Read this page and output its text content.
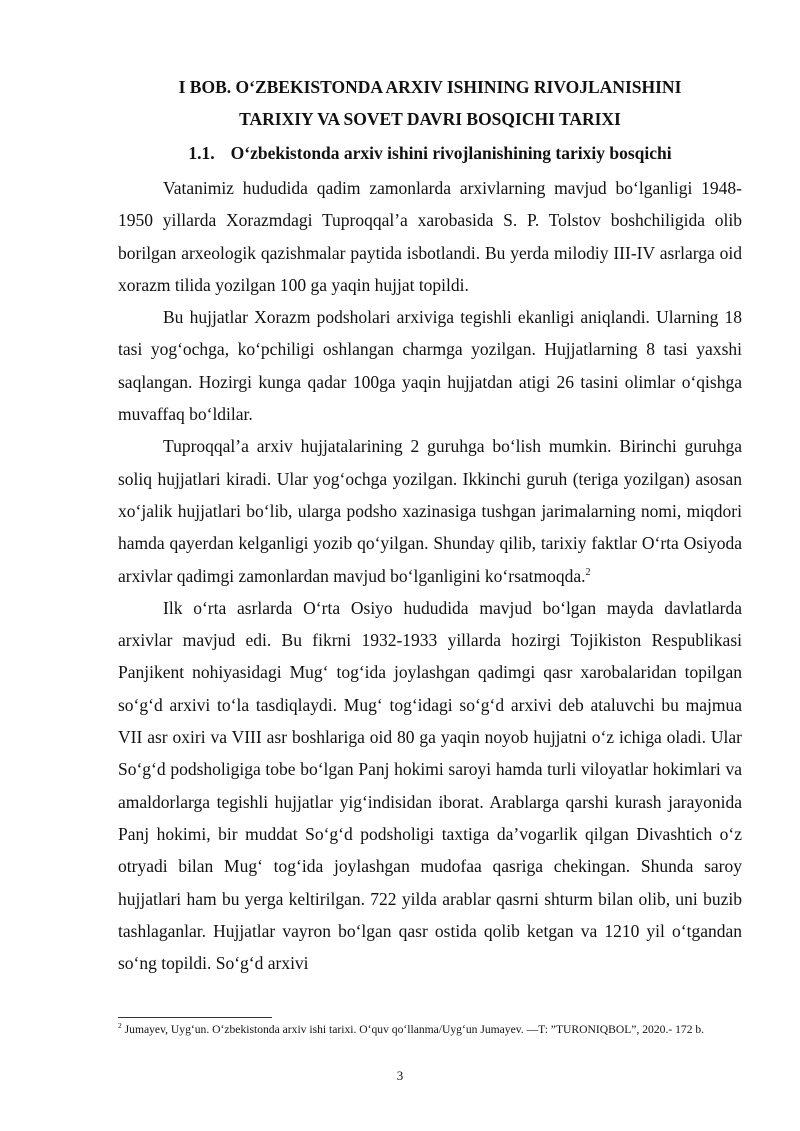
I BOB. O‘ZBEKISTONDA ARXIV ISHINING RIVOJLANISHINI
TARIXIY VA SOVET DAVRI BOSQICHI TARIXI
1.1. O‘zbekistonda arxiv ishini rivojlanishining tarixiy bosqichi

Vatanimiz hududida qadim zamonlarda arxivlarning mavjud bo‘lganligi 1948-1950 yillarda Xorazmdagi Tuproqqal’a xarobasida S. P. Tolstov boshchiligida olib borilgan arxeologik qazishmalar paytida isbotlandi. Bu yerda milodiy III-IV asrlarga oid xorazm tilida yozilgan 100 ga yaqin hujjat topildi.

Bu hujjatlar Xorazm podsholari arxiviga tegishli ekanligi aniqlandi. Ularning 18 tasi yog‘ochga, ko‘pchiligi oshlangan charmga yozilgan. Hujjatlarning 8 tasi yaxshi saqlangan. Hozirgi kunga qadar 100ga yaqin hujjatdan atigi 26 tasini olimlar o‘qishga muvaffaq bo‘ldilar.

Tuproqqal’a arxiv hujjatalarining 2 guruhga bo‘lish mumkin. Birinchi guruhga soliq hujjatlari kiradi. Ular yog‘ochga yozilgan. Ikkinchi guruh (teriga yozilgan) asosan xo‘jalik hujjatlari bo‘lib, ularga podsho xazinasiga tushgan jarimalarning nomi, miqdori hamda qayerdan kelganligi yozib qo‘yilgan. Shunday qilib, tarixiy faktlar O‘rta Osiyoda arxivlar qadimgi zamonlardan mavjud bo‘lganligini ko‘rsatmoqda.$^2$

Ilk o‘rta asrlarda O‘rta Osiyo hududida mavjud bo‘lgan mayda davlatlarda arxivlar mavjud edi. Bu fikrni 1932-1933 yillarda hozirgi Tojikiston Respublikasi Panjikent nohiyasidagi Mug‘ tog‘ida joylashgan qadimgi qasr xarobalaridan topilgan so‘g‘d arxivi to‘la tasdiqlaydi. Mug‘ tog‘idagi so‘g‘d arxivi deb ataluvchi bu majmua VII asr oxiri va VIII asr boshlariga oid 80 ga yaqin noyob hujjatni o‘z ichiga oladi. Ular So‘g‘d podsholigiga tobe bo‘lgan Panj hokimi saroyi hamda turli viloyatlar hokimlari va amaldorlarga tegishli hujjatlar yig‘indisidan iborat. Arablarga qarshi kurash jarayonida Panj hokimi, bir muddat So‘g‘d podsholigi taxtiga da’vogarlik qilgan Divashtich o‘z otryadi bilan Mug‘ tog‘ida joylashgan mudofaa qasriga chekingan. Shunda saroy hujjatlari ham bu yerga keltirilgan. 722 yilda arablar qasrni shturm bilan olib, uni buzib tashlaganlar. Hujjatlar vayron bo‘lgan qasr ostida qolib ketgan va 1210 yil o‘tgandan so‘ng topildi. So‘g‘d arxivi

$^2$ Jumayev, Uyg‘un. O‘zbekistonda arxiv ishi tarixi. O‘quv qo‘llanma/Uyg‘un Jumayev. —T: ”TURONIQBOL”, 2020.- 172 b.

3
